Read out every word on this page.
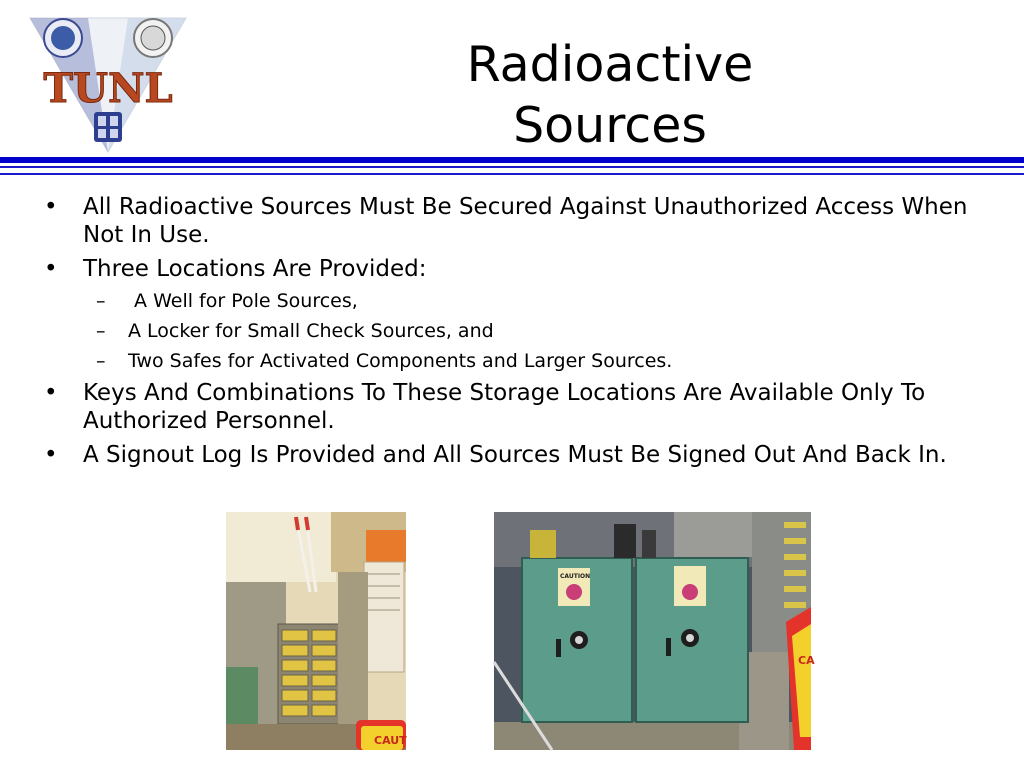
TUNL	Radioactive
Sources
• All Radioactive Sources Must Be Secured Against Unauthorized Access When Not In Use.
• Three Locations Are Provided:
– A Well for Pole Sources,
– A Locker for Small Check Sources, and
– Two Safes for Activated Components and Larger Sources.
• Keys And Combinations To These Storage Locations Are Available Only To Authorized Personnel.
• A Signout Log Is Provided and All Sources Must Be Signed Out And Back In.
CAUT
CAUTION
CA
